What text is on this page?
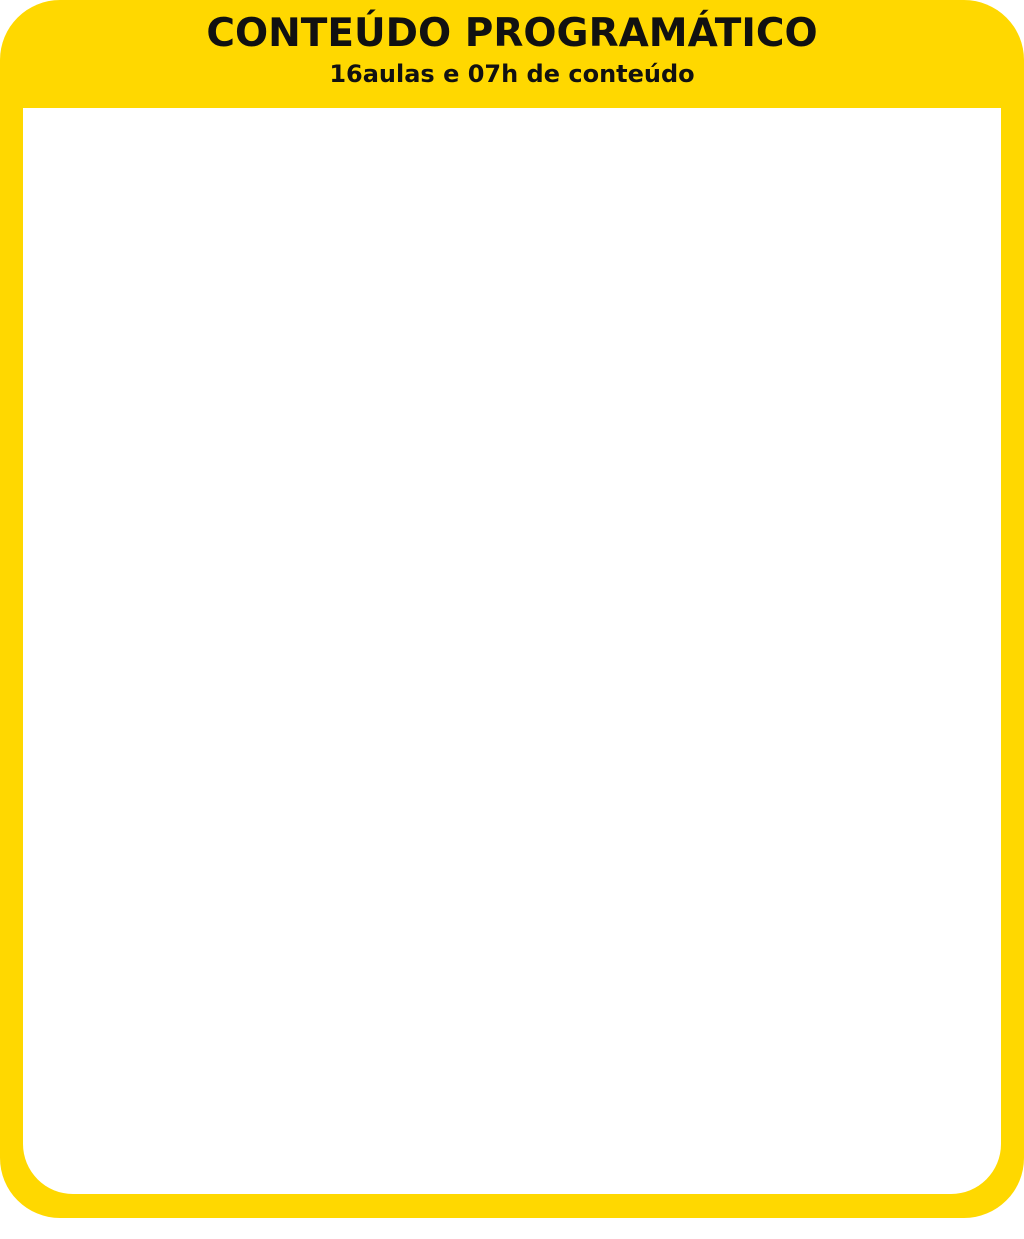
CONTEÚDO PROGRAMÁTICO

16aulas e 07h de conteúdo
